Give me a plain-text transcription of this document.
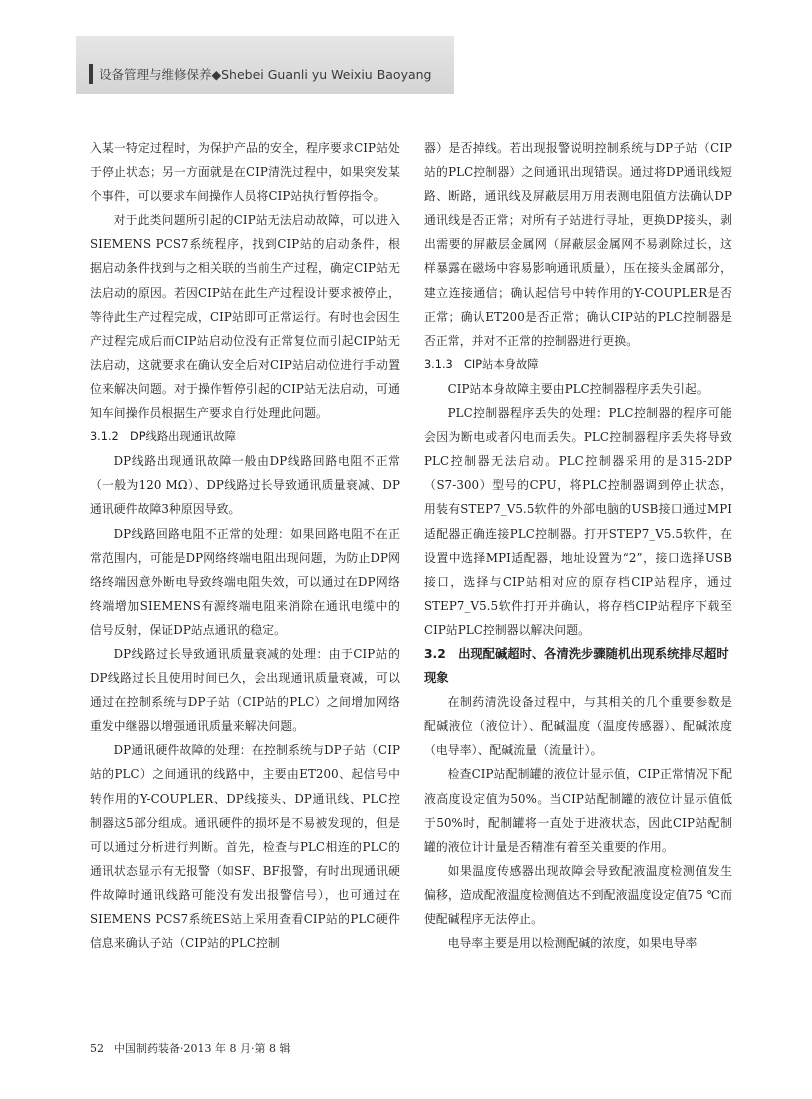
设备管理与维修保养◆Shebei Guanli yu Weixiu Baoyang

入某一特定过程时，为保护产品的安全，程序要求CIP站处于停止状态；另一方面就是在CIP清洗过程中，如果突发某个事件，可以要求车间操作人员将CIP站执行暂停指令。

对于此类问题所引起的CIP站无法启动故障，可以进入SIEMENS PCS7系统程序，找到CIP站的启动条件，根据启动条件找到与之相关联的当前生产过程，确定CIP站无法启动的原因。若因CIP站在此生产过程设计要求被停止，等待此生产过程完成，CIP站即可正常运行。有时也会因生产过程完成后而CIP站启动位没有正常复位而引起CIP站无法启动，这就要求在确认安全后对CIP站启动位进行手动置位来解决问题。对于操作暂停引起的CIP站无法启动，可通知车间操作员根据生产要求自行处理此问题。

3.1.2　DP线路出现通讯故障

DP线路出现通讯故障一般由DP线路回路电阻不正常（一般为120 MΩ）、DP线路过长导致通讯质量衰减、DP通讯硬件故障3种原因导致。

DP线路回路电阻不正常的处理：如果回路电阻不在正常范围内，可能是DP网络终端电阻出现问题，为防止DP网络终端因意外断电导致终端电阻失效，可以通过在DP网络终端增加SIEMENS有源终端电阻来消除在通讯电缆中的信号反射，保证DP站点通讯的稳定。

DP线路过长导致通讯质量衰减的处理：由于CIP站的DP线路过长且使用时间已久，会出现通讯质量衰减，可以通过在控制系统与DP子站（CIP站的PLC）之间增加网络重发中继器以增强通讯质量来解决问题。

DP通讯硬件故障的处理：在控制系统与DP子站（CIP站的PLC）之间通讯的线路中，主要由ET200、起信号中转作用的Y-COUPLER、DP线接头、DP通讯线、PLC控制器这5部分组成。通讯硬件的损坏是不易被发现的，但是可以通过分析进行判断。首先，检查与PLC相连的PLC的通讯状态显示有无报警（如SF、BF报警，有时出现通讯硬件故障时通讯线路可能没有发出报警信号），也可通过在SIEMENS PCS7系统ES站上采用查看CIP站的PLC硬件信息来确认子站（CIP站的PLC控制

器）是否掉线。若出现报警说明控制系统与DP子站（CIP站的PLC控制器）之间通讯出现错误。通过将DP通讯线短路、断路，通讯线及屏蔽层用万用表测电阻值方法确认DP通讯线是否正常；对所有子站进行寻址，更换DP接头，剥出需要的屏蔽层金属网（屏蔽层金属网不易剥除过长，这样暴露在磁场中容易影响通讯质量），压在接头金属部分，建立连接通信；确认起信号中转作用的Y-COUPLER是否正常；确认ET200是否正常；确认CIP站的PLC控制器是否正常，并对不正常的控制器进行更换。

3.1.3　CIP站本身故障

CIP站本身故障主要由PLC控制器程序丢失引起。

PLC控制器程序丢失的处理：PLC控制器的程序可能会因为断电或者闪电而丢失。PLC控制器程序丢失将导致PLC控制器无法启动。PLC控制器采用的是315-2DP（S7-300）型号的CPU，将PLC控制器调到停止状态，用装有STEP7_V5.5软件的外部电脑的USB接口通过MPI适配器正确连接PLC控制器。打开STEP7_V5.5软件，在设置中选择MPI适配器，地址设置为“2”，接口选择USB接口，选择与CIP站相对应的原存档CIP站程序，通过STEP7_V5.5软件打开并确认，将存档CIP站程序下载至CIP站PLC控制器以解决问题。

3.2　出现配碱超时、各清洗步骤随机出现系统排尽超时现象

在制药清洗设备过程中，与其相关的几个重要参数是配碱液位（液位计）、配碱温度（温度传感器）、配碱浓度（电导率）、配碱流量（流量计）。

检查CIP站配制罐的液位计显示值，CIP正常情况下配液高度设定值为50%。当CIP站配制罐的液位计显示值低于50%时，配制罐将一直处于进液状态，因此CIP站配制罐的液位计计量是否精准有着至关重要的作用。

如果温度传感器出现故障会导致配液温度检测值发生偏移，造成配液温度检测值达不到配液温度设定值75 ℃而使配碱程序无法停止。

电导率主要是用以检测配碱的浓度，如果电导率

52 中国制药装备·2013 年 8 月·第 8 辑
